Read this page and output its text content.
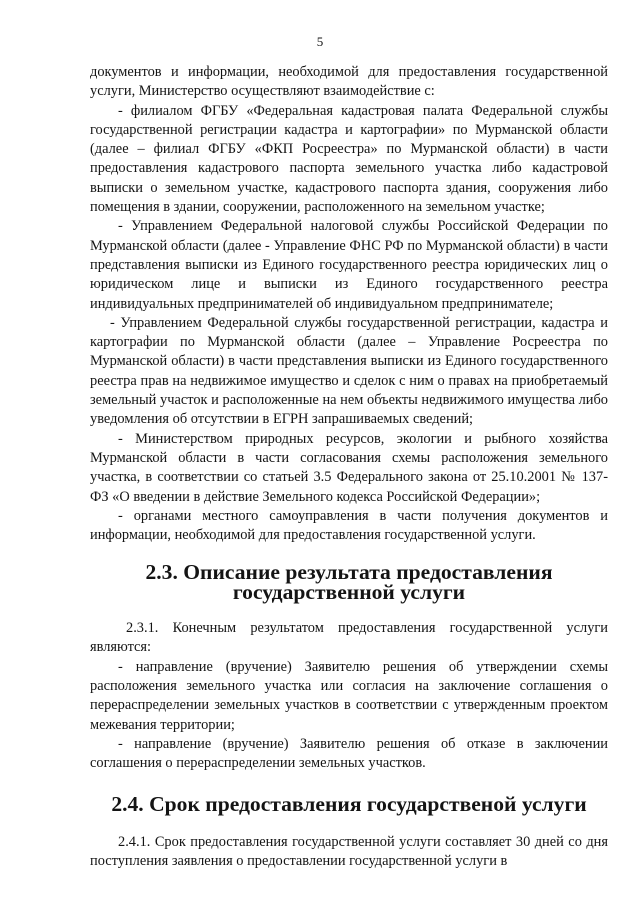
5

документов и информации, необходимой для предоставления государственной услуги, Министерство осуществляют взаимодействие с:

- филиалом ФГБУ «Федеральная кадастровая палата Федеральной службы государственной регистрации кадастра и картографии» по Мурманской области (далее – филиал ФГБУ «ФКП Росреестра» по Мурманской области) в части предоставления кадастрового паспорта земельного участка либо кадастровой выписки о земельном участке, кадастрового паспорта здания, сооружения либо помещения в здании, сооружении, расположенного на земельном участке;

- Управлением Федеральной налоговой службы Российской Федерации по Мурманской области (далее - Управление ФНС РФ по Мурманской области) в части представления выписки из Единого государственного реестра юридических лиц о юридическом лице и выписки из Единого государственного реестра индивидуальных предпринимателей об индивидуальном предпринимателе;

- Управлением Федеральной службы государственной регистрации, кадастра и картографии по Мурманской области (далее – Управление Росреестра по Мурманской области) в части представления выписки из Единого государственного реестра прав на недвижимое имущество и сделок с ним о правах на приобретаемый земельный участок и расположенные на нем объекты недвижимого имущества либо уведомления об отсутствии в ЕГРН запрашиваемых сведений;

- Министерством природных ресурсов, экологии и рыбного хозяйства Мурманской области в части согласования схемы расположения земельного участка, в соответствии со статьей 3.5 Федерального закона от 25.10.2001 № 137-ФЗ «О введении в действие Земельного кодекса Российской Федерации»;

- органами местного самоуправления в части получения документов и информации, необходимой для предоставления государственной услуги.

2.3. Описание результата предоставления
государственной услуги

2.3.1. Конечным результатом предоставления государственной услуги являются:

- направление (вручение) Заявителю решения об утверждении схемы расположения земельного участка или согласия на заключение соглашения о перераспределении земельных участков в соответствии с утвержденным проектом межевания территории;

- направление (вручение) Заявителю решения об отказе в заключении соглашения о перераспределении земельных участков.

2.4. Срок предоставления государственой услуги

2.4.1. Срок предоставления государственной услуги составляет 30 дней со дня поступления заявления о предоставлении государственной услуги в
